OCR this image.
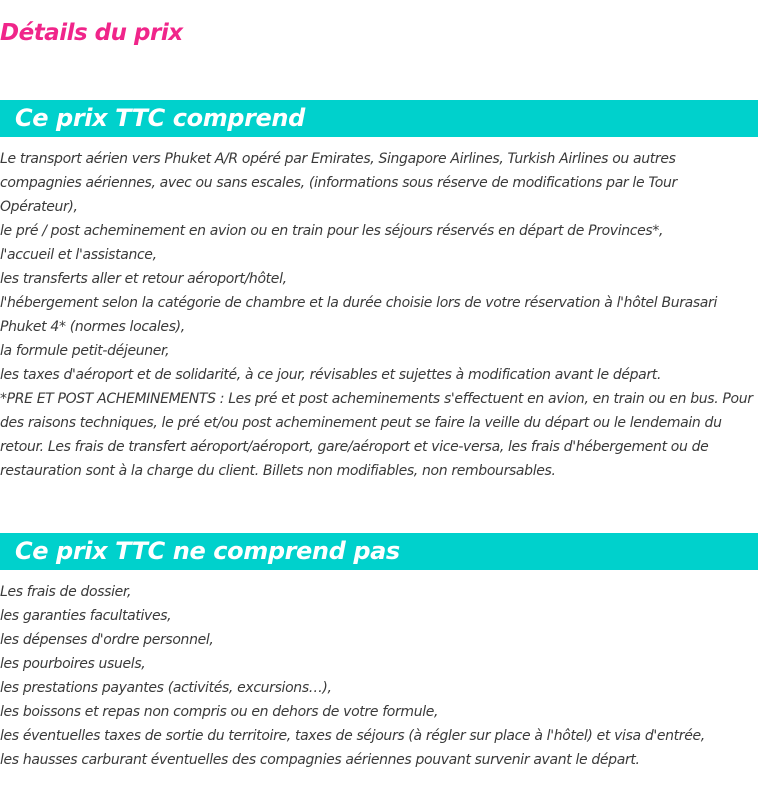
Détails du prix
Ce prix TTC comprend

Le transport aérien vers Phuket A/R opéré par Emirates, Singapore Airlines, Turkish Airlines ou autres compagnies aériennes, avec ou sans escales, (informations sous réserve de modifications par le Tour Opérateur),

le pré / post acheminement en avion ou en train pour les séjours réservés en départ de Provinces*,

l'accueil et l'assistance,

les transferts aller et retour aéroport/hôtel,

l'hébergement selon la catégorie de chambre et la durée choisie lors de votre réservation à l'hôtel Burasari Phuket 4* (normes locales),

la formule petit-déjeuner,

les taxes d'aéroport et de solidarité, à ce jour, révisables et sujettes à modification avant le départ.

*PRE ET POST ACHEMINEMENTS : Les pré et post acheminements s'effectuent en avion, en train ou en bus. Pour des raisons techniques, le pré et/ou post acheminement peut se faire la veille du départ ou le lendemain du retour. Les frais de transfert aéroport/aéroport, gare/aéroport et vice-versa, les frais d'hébergement ou de restauration sont à la charge du client. Billets non modifiables, non remboursables.

Ce prix TTC ne comprend pas

Les frais de dossier,

les garanties facultatives,

les dépenses d'ordre personnel,

les pourboires usuels,

les prestations payantes (activités, excursions…),

les boissons et repas non compris ou en dehors de votre formule,

les éventuelles taxes de sortie du territoire, taxes de séjours (à régler sur place à l'hôtel) et visa d'entrée,

les hausses carburant éventuelles des compagnies aériennes pouvant survenir avant le départ.
